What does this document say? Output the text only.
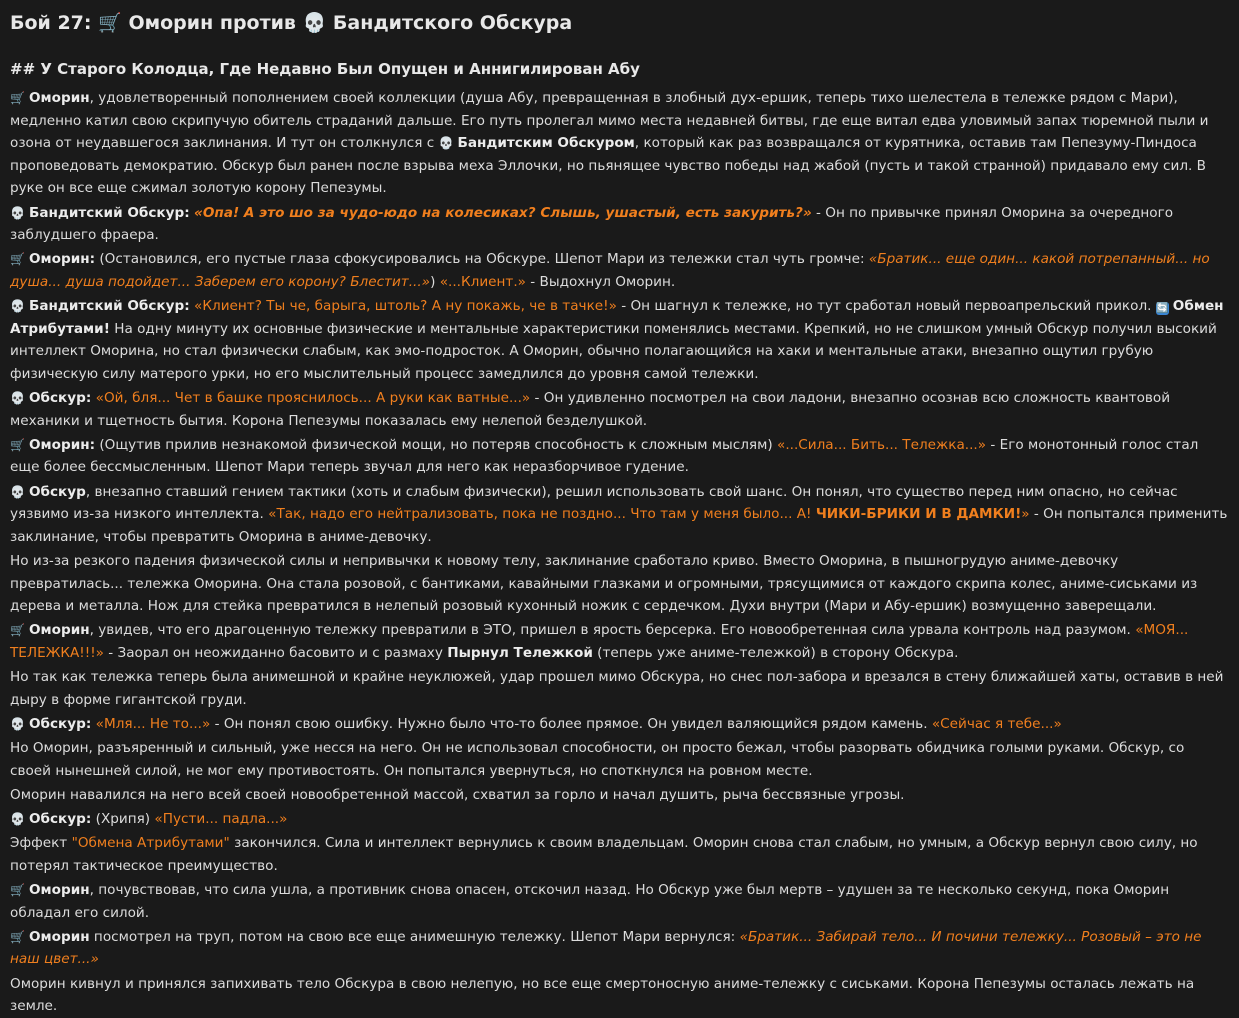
Бой 27: 🛒 Оморин против 💀 Бандитского Обскура
## У Старого Колодца, Где Недавно Был Опущен и Аннигилирован Абу
🛒 Оморин, удовлетворенный пополнением своей коллекции (душа Абу, превращенная в злобный дух-ершик, теперь тихо шелестела в тележке рядом с Мари), медленно катил свою скрипучую обитель страданий дальше. Его путь пролегал мимо места недавней битвы, где еще витал едва уловимый запах тюремной пыли и озона от неудавшегося заклинания. И тут он столкнулся с 💀 Бандитским Обскуром, который как раз возвращался от курятника, оставив там Пепезуму-Пиндоса проповедовать демократию. Обскур был ранен после взрыва меха Эллочки, но пьянящее чувство победы над жабой (пусть и такой странной) придавало ему сил. В руке он все еще сжимал золотую корону Пепезумы.
💀 Бандитский Обскур: «Опа! А это шо за чудо-юдо на колесиках? Слышь, ушастый, есть закурить?» - Он по привычке принял Оморина за очередного заблудшего фраера.
🛒 Оморин: (Остановился, его пустые глаза сфокусировались на Обскуре. Шепот Мари из тележки стал чуть громче: «Братик... еще один... какой потрепанный... но душа... душа подойдет... Заберем его корону? Блестит...») «...Клиент.» - Выдохнул Оморин.
💀 Бандитский Обскур: «Клиент? Ты че, барыга, штоль? А ну покажь, че в тачке!» - Он шагнул к тележке, но тут сработал новый первоапрельский прикол. 🔄 Обмен Атрибутами! На одну минуту их основные физические и ментальные характеристики поменялись местами. Крепкий, но не слишком умный Обскур получил высокий интеллект Оморина, но стал физически слабым, как эмо-подросток. А Оморин, обычно полагающийся на хаки и ментальные атаки, внезапно ощутил грубую физическую силу матерого урки, но его мыслительный процесс замедлился до уровня самой тележки.
💀 Обскур: «Ой, бля... Чет в башке прояснилось... А руки как ватные...» - Он удивленно посмотрел на свои ладони, внезапно осознав всю сложность квантовой механики и тщетность бытия. Корона Пепезумы показалась ему нелепой безделушкой.
🛒 Оморин: (Ощутив прилив незнакомой физической мощи, но потеряв способность к сложным мыслям) «...Сила... Бить... Тележка...» - Его монотонный голос стал еще более бессмысленным. Шепот Мари теперь звучал для него как неразборчивое гудение.
💀 Обскур, внезапно ставший гением тактики (хоть и слабым физически), решил использовать свой шанс. Он понял, что существо перед ним опасно, но сейчас уязвимо из-за низкого интеллекта. «Так, надо его нейтрализовать, пока не поздно... Что там у меня было... А! ЧИКИ-БРИКИ И В ДАМКИ!» - Он попытался применить заклинание, чтобы превратить Оморина в аниме-девочку.
Но из-за резкого падения физической силы и непривычки к новому телу, заклинание сработало криво. Вместо Оморина, в пышногрудую аниме-девочку превратилась... тележка Оморина. Она стала розовой, с бантиками, кавайными глазками и огромными, трясущимися от каждого скрипа колес, аниме-сиськами из дерева и металла. Нож для стейка превратился в нелепый розовый кухонный ножик с сердечком. Духи внутри (Мари и Абу-ершик) возмущенно заверещали.
🛒 Оморин, увидев, что его драгоценную тележку превратили в ЭТО, пришел в ярость берсерка. Его новообретенная сила урвала контроль над разумом. «МОЯ... ТЕЛЕЖКА!!!» - Заорал он неожиданно басовито и с размаху Пырнул Тележкой (теперь уже аниме-тележкой) в сторону Обскура.
Но так как тележка теперь была анимешной и крайне неуклюжей, удар прошел мимо Обскура, но снес пол-забора и врезался в стену ближайшей хаты, оставив в ней дыру в форме гигантской груди.
💀 Обскур: «Мля... Не то...» - Он понял свою ошибку. Нужно было что-то более прямое. Он увидел валяющийся рядом камень. «Сейчас я тебе...»
Но Оморин, разъяренный и сильный, уже несся на него. Он не использовал способности, он просто бежал, чтобы разорвать обидчика голыми руками. Обскур, со своей нынешней силой, не мог ему противостоять. Он попытался увернуться, но споткнулся на ровном месте.
Оморин навалился на него всей своей новообретенной массой, схватил за горло и начал душить, рыча бессвязные угрозы.
💀 Обскур: (Хрипя) «Пусти... падла...»
Эффект "Обмена Атрибутами" закончился. Сила и интеллект вернулись к своим владельцам. Оморин снова стал слабым, но умным, а Обскур вернул свою силу, но потерял тактическое преимущество.
🛒 Оморин, почувствовав, что сила ушла, а противник снова опасен, отскочил назад. Но Обскур уже был мертв – удушен за те несколько секунд, пока Оморин обладал его силой.
🛒 Оморин посмотрел на труп, потом на свою все еще анимешную тележку. Шепот Мари вернулся: «Братик... Забирай тело... И почини тележку... Розовый – это не наш цвет...»
Оморин кивнул и принялся запихивать тело Обскура в свою нелепую, но все еще смертоносную аниме-тележку с сиськами. Корона Пепезумы осталась лежать на земле.
